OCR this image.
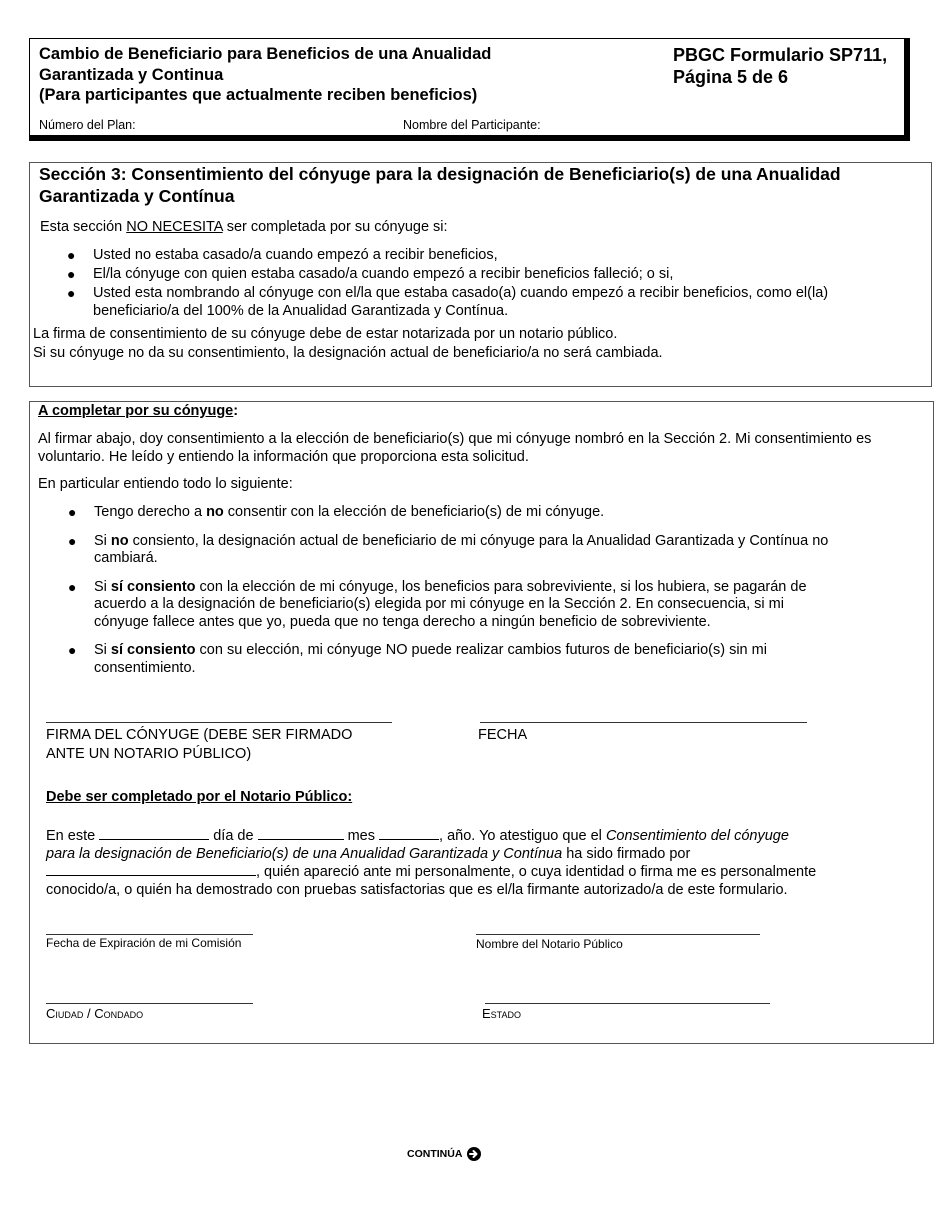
Cambio de Beneficiario para Beneficios de una Anualidad
Garantizada y Continua
(Para participantes que actualmente reciben beneficios)
PBGC Formulario SP711,
Página 5 de 6
Número del Plan:	Nombre del Participante:
Sección 3: Consentimiento del cónyuge para la designación de Beneficiario(s) de una Anualidad Garantizada y Contínua
Esta sección NO NECESITA ser completada por su cónyuge si:
● Usted no estaba casado/a cuando empezó a recibir beneficios,
● El/la cónyuge con quien estaba casado/a cuando empezó a recibir beneficios falleció; o si,
● Usted esta nombrando al cónyuge con el/la que estaba casado(a) cuando empezó a recibir beneficios, como el(la)
beneficiario/a del 100% de la Anualidad Garantizada y Contínua.
La firma de consentimiento de su cónyuge debe de estar notarizada por un notario público.
Si su cónyuge no da su consentimiento, la designación actual de beneficiario/a no será cambiada.
A completar por su cónyuge:
Al firmar abajo, doy consentimiento a la elección de beneficiario(s) que mi cónyuge nombró en la Sección 2. Mi consentimiento es voluntario. He leído y entiendo la información que proporciona esta solicitud.
En particular entiendo todo lo siguiente:
● Tengo derecho a no consentir con la elección de beneficiario(s) de mi cónyuge.
● Si no consiento, la designación actual de beneficiario de mi cónyuge para la Anualidad Garantizada y Contínua no
cambiará.
● Si sí consiento con la elección de mi cónyuge, los beneficios para sobreviviente, si los hubiera, se pagarán de
acuerdo a la designación de beneficiario(s) elegida por mi cónyuge en la Sección 2. En consecuencia, si mi
cónyuge fallece antes que yo, pueda que no tenga derecho a ningún beneficio de sobreviviente.
● Si sí consiento con su elección, mi cónyuge NO puede realizar cambios futuros de beneficiario(s) sin mi
consentimiento.
FIRMA DEL CÓNYUGE (DEBE SER FIRMADO
ANTE UN NOTARIO PÚBLICO)
FECHA
Debe ser completado por el Notario Público:
En este	día de	mes	, año. Yo atestiguo que el Consentimiento del cónyuge
para la designación de Beneficiario(s) de una Anualidad Garantizada y Contínua ha sido firmado por
, quién apareció ante mi personalmente, o cuya identidad o firma me es personalmente
conocido/a, o quién ha demostrado con pruebas satisfactorias que es el/la firmante autorizado/a de este formulario.
Fecha de Expiración de mi Comisión	Nombre del Notario Público
Ciudad / Condado	Estado
CONTINÚA
